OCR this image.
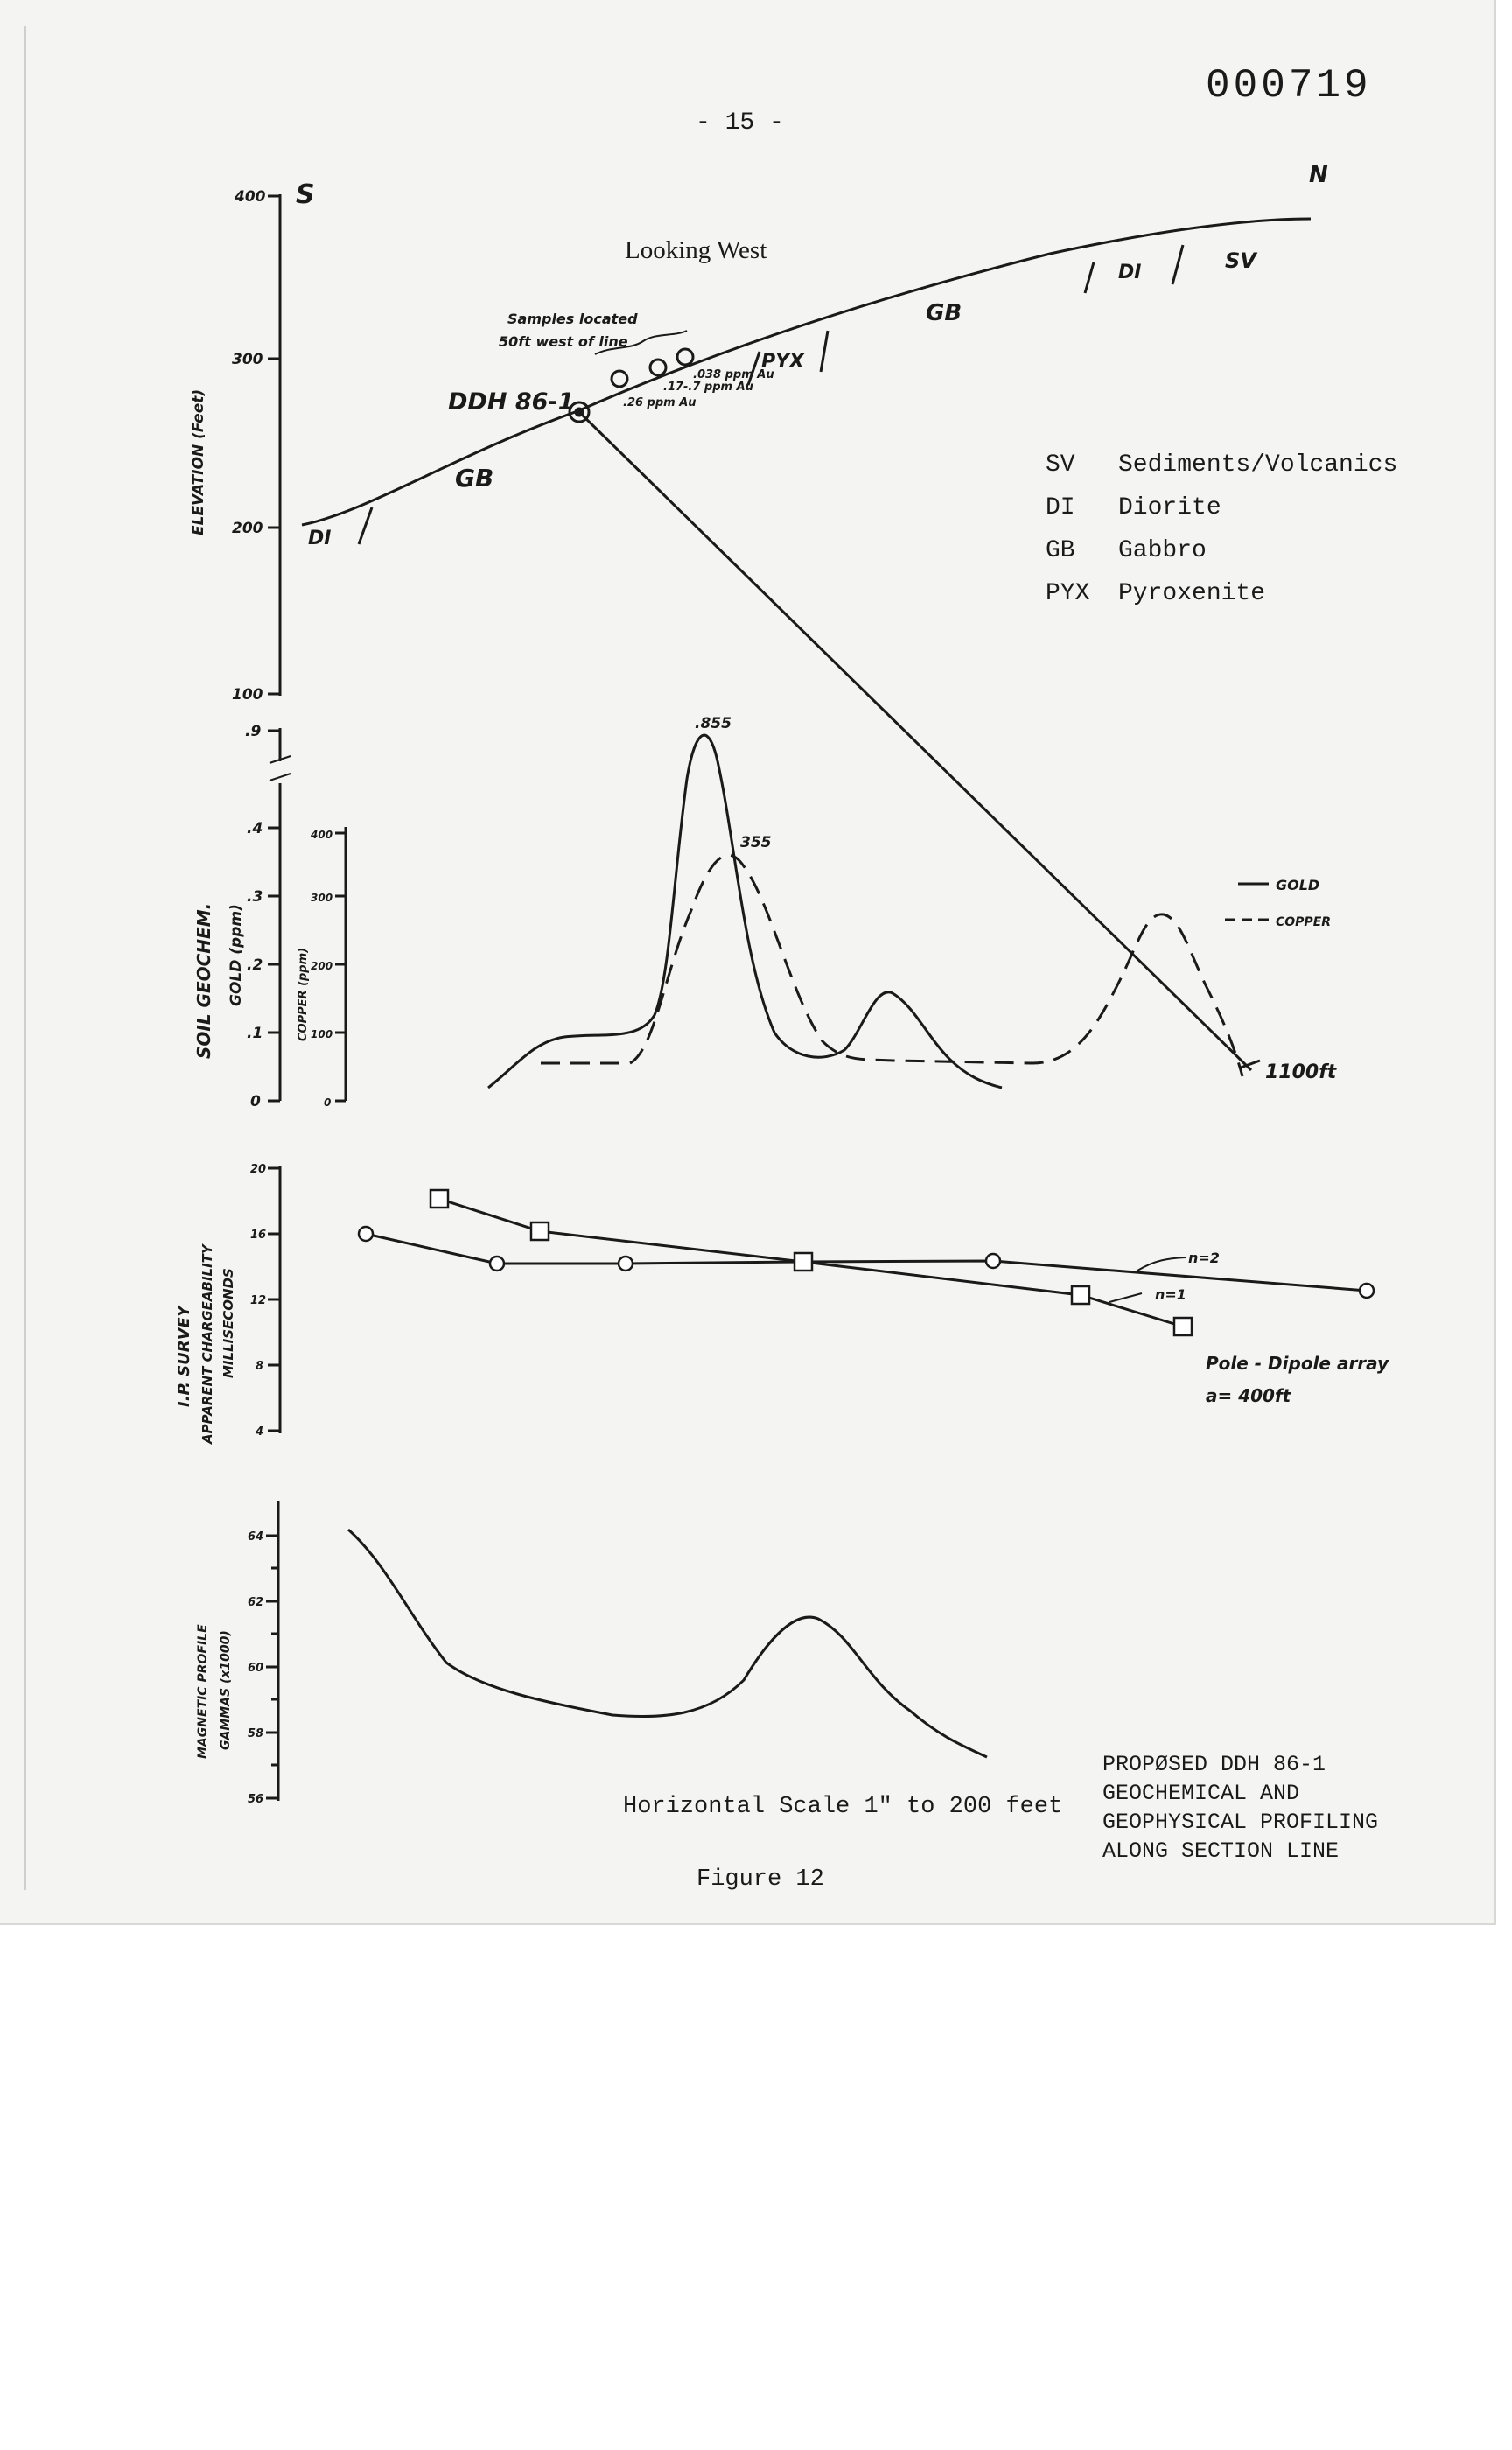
- 15 -
000719
Looking West
SV Sediments/Volcanics
DI Diorite
GB Gabbro
PYX Pyroxenite
Horizontal Scale 1" to 200 feet
Figure 12
PROPØSED DDH 86-1
GEOCHEMICAL AND
GEOPHYSICAL PROFILING
ALONG SECTION LINE
400
300
200
100
ELEVATION (Feet)
S
N
DI
GB
PYX
GB
DI	SV
DDH 86-1
1100ft
Samples located
50ft west of line
.038 ppm Au
.17-.7 ppm Au
.26 ppm Au
.9
.4
.3
.2
.1
0
400
300
200
100
0
SOIL GEOCHEM. GOLD (ppm)	COPPER (ppm)
.855
355
GOLD
COPPER
20
16
12
8
4
I.P. SURVEY APPARENT CHARGEABILITY MILLISECONDS
n=2
n=1
Pole - Dipole array
a= 400ft
64
62
60
58
56
MAGNETIC PROFILE GAMMAS (x1000)
